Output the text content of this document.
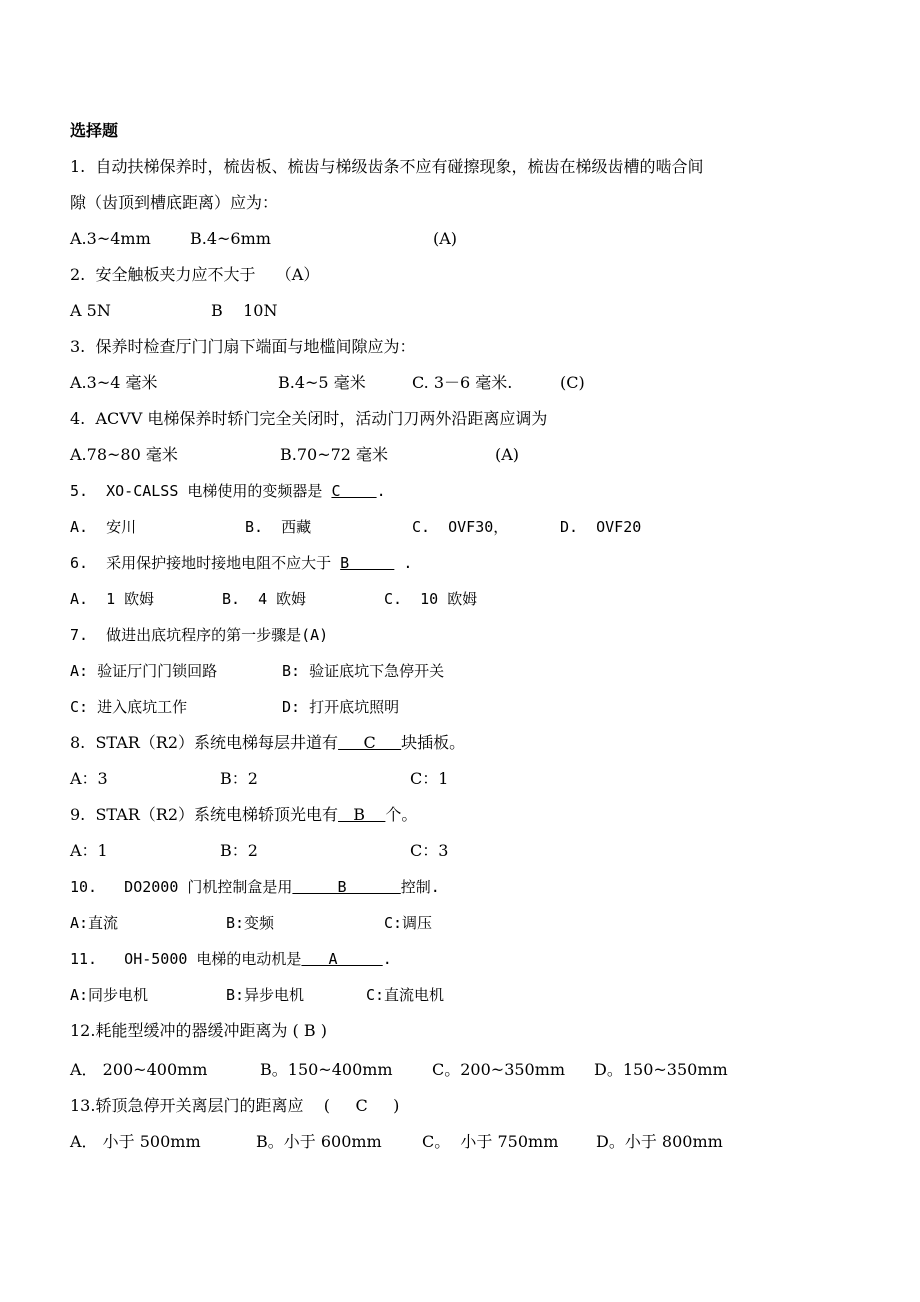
选择题
1.  自动扶梯保养时，梳齿板、梳齿与梯级齿条不应有碰擦现象，梳齿在梯级齿槽的啮合间
隙（齿顶到槽底距离）应为：

A.3~4mm

B.4~6mm

	(A)

2.  安全触板夹力应不大于    （A）

A 5N

	B    10N

3.  保养时检查厅门门扇下端面与地槛间隙应为：

A.3~4 毫米

	B.4~5 毫米

	C. 3－6 毫米.

	(C)

4.  ACVV 电梯保养时轿门完全关闭时，活动门刀两外沿距离应调为

A.78~80 毫米

	B.70~72 毫米

	(A)

5.  XO-CALSS 电梯使用的变频器是 C    .

A.  安川

	B.  西藏

	C.  OVF30，

	D.  OVF20

6.  采用保护接地时接地电阻不应大于 B      .

A.  1 欧姆

	B.  4 欧姆

	C.  10 欧姆

7.  做进出底坑程序的第一步骤是(A)

A: 验证厅门门锁回路

	B: 验证底坑下急停开关

C: 进入底坑工作

	D: 打开底坑照明

8.  STAR（R2）系统电梯每层井道有     C     块插板。

A：3

	B：2

	C：1

9.  STAR（R2）系统电梯轿顶光电有   B    个。

A：1

	B：2

	C：3

10.   DO2000 门机控制盒是用     B      控制.

A:直流

	B:变频

	C:调压

11.   OH-5000 电梯的电动机是   A     .

A:同步电机

	B:异步电机

	C:直流电机

12.耗能型缓冲的器缓冲距离为 ( B )

A． 200~400mm

	B。150~400mm

C。200~350mm

D。150~350mm

13.轿顶急停开关离层门的距离应    (     C     )

A． 小于 500mm

	B。小于 600mm

	C。  小于 750mm

D。小于 800mm
